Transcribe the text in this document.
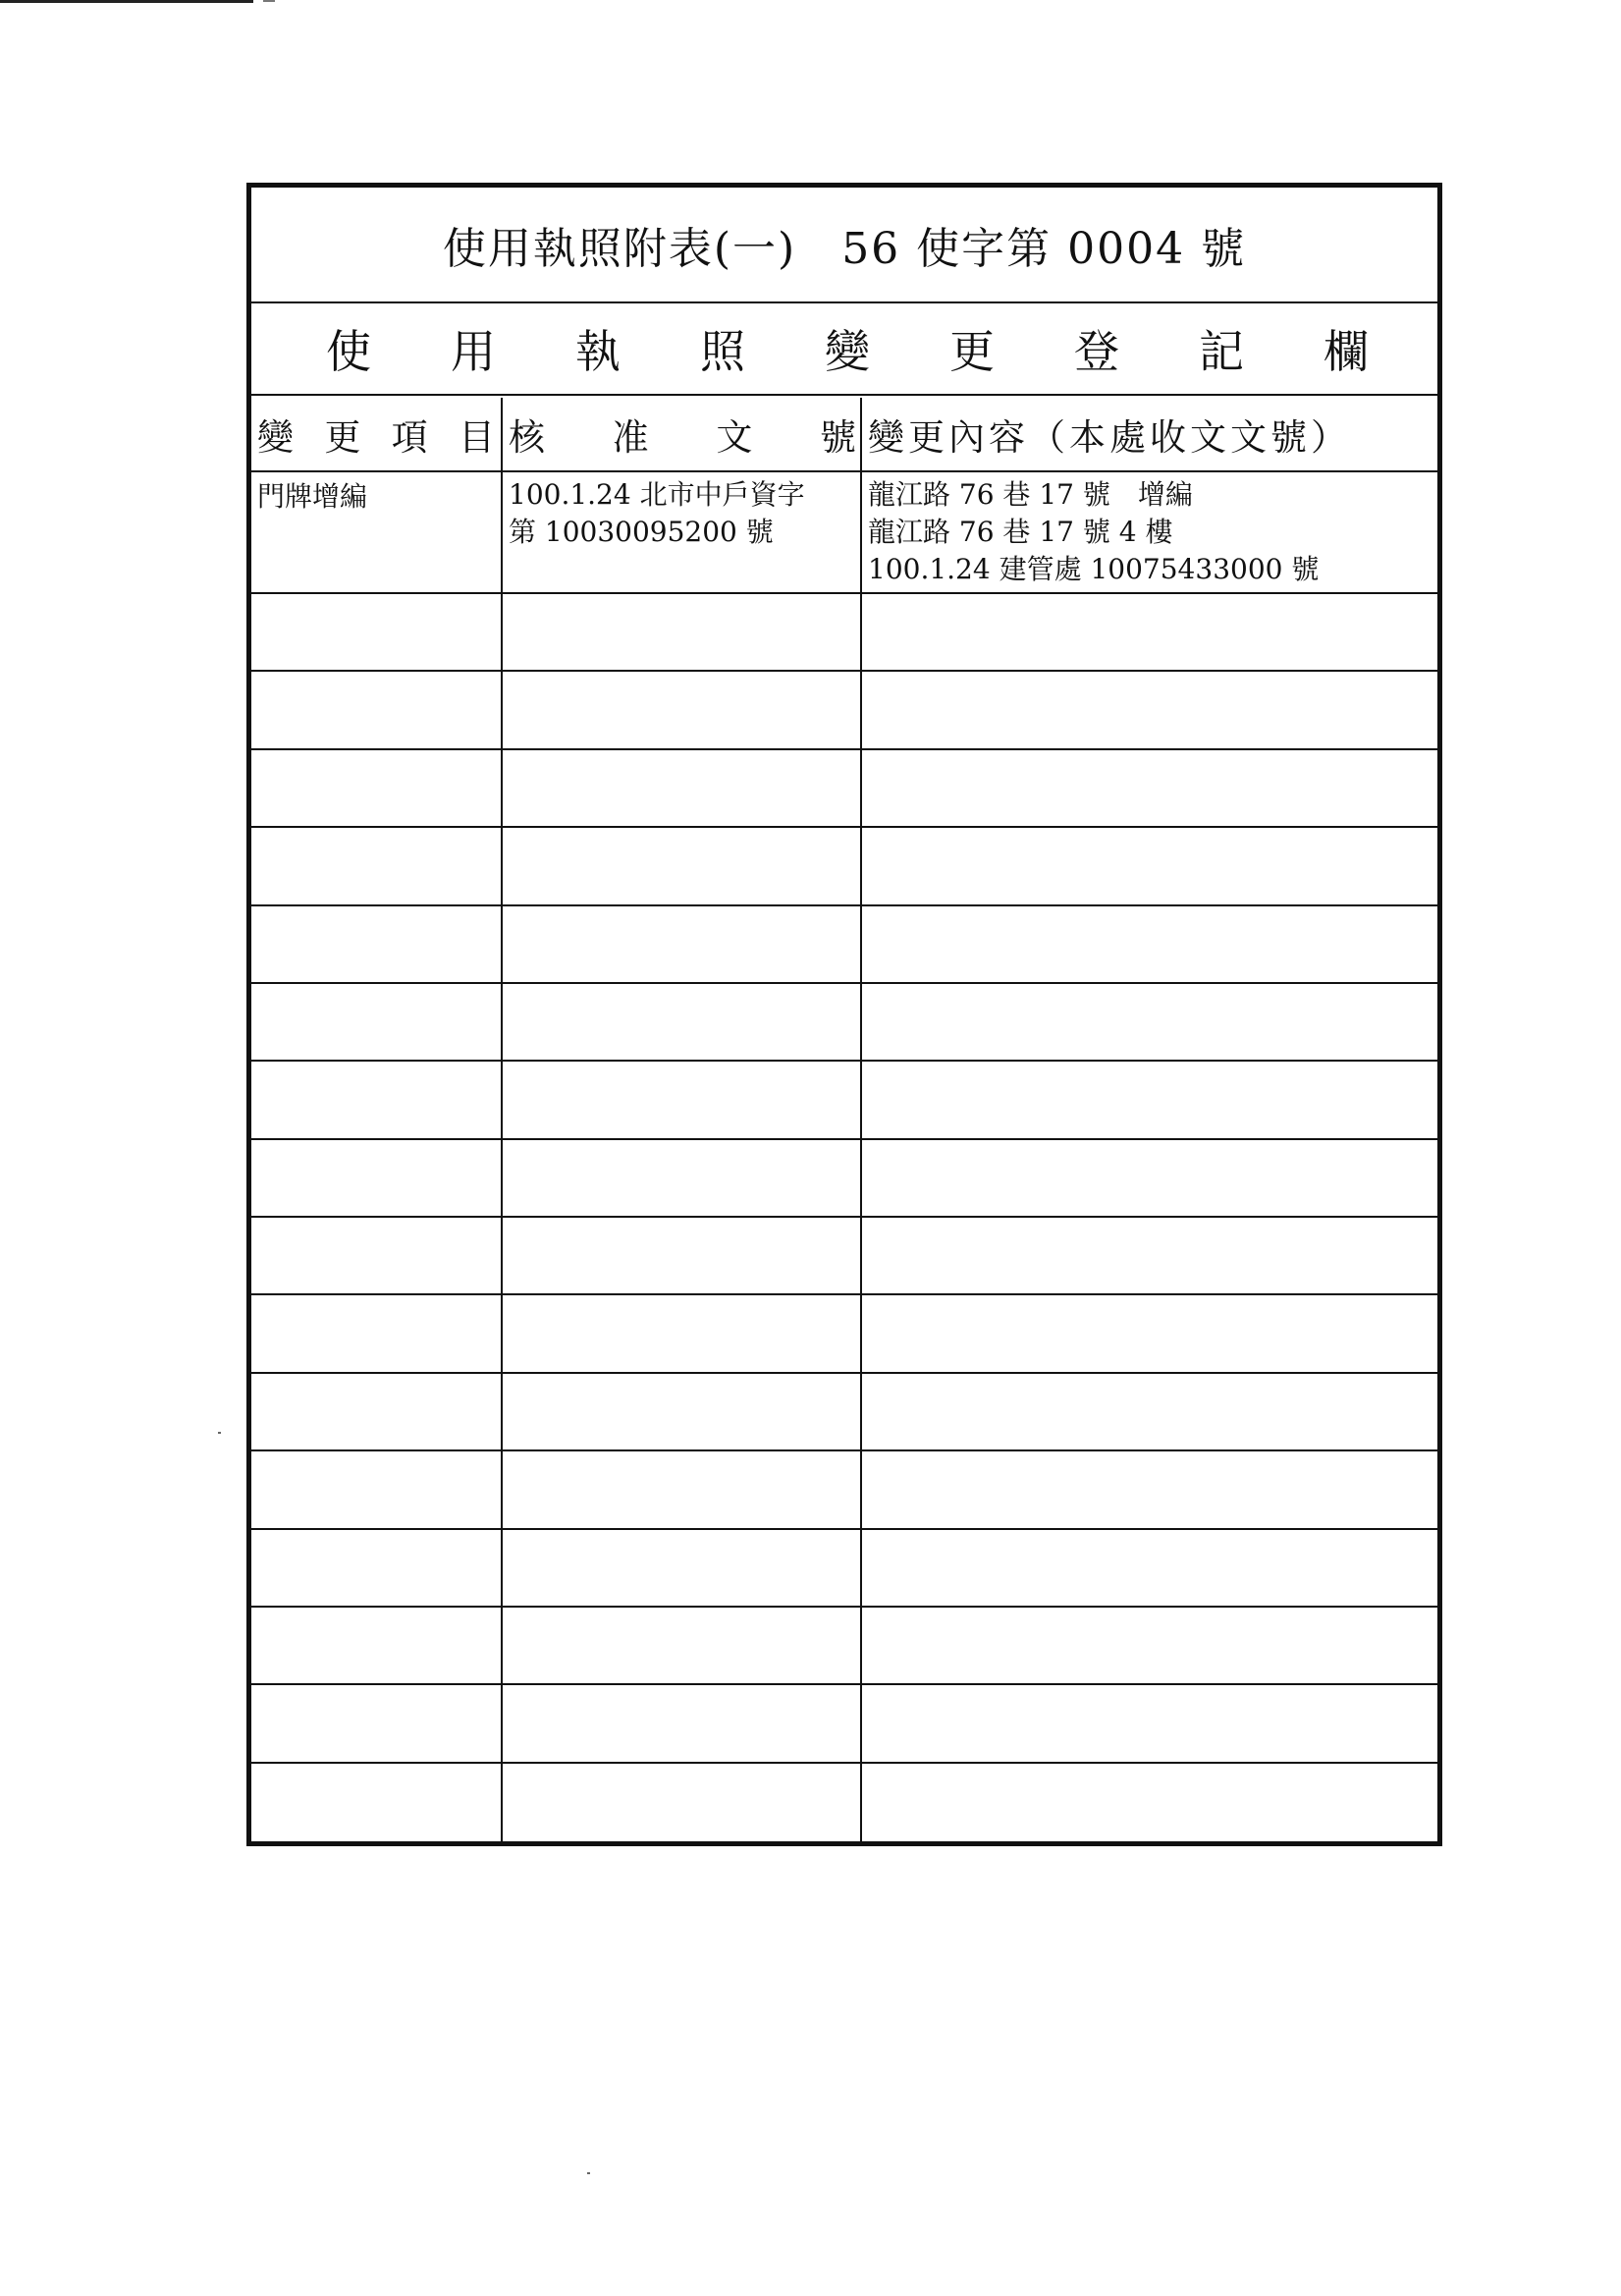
使用執照附表(一)　56 使字第 0004 號
使 用 執 照 變 更 登 記 欄
變 更 項 目 核 准 文 號 變更內容（本處收文文號）
門牌增編	100.1.24 北市中戶資字
第 10030095200 號
龍江路 76 巷 17 號　增編
龍江路 76 巷 17 號 4 樓
100.1.24 建管處 10075433000 號
